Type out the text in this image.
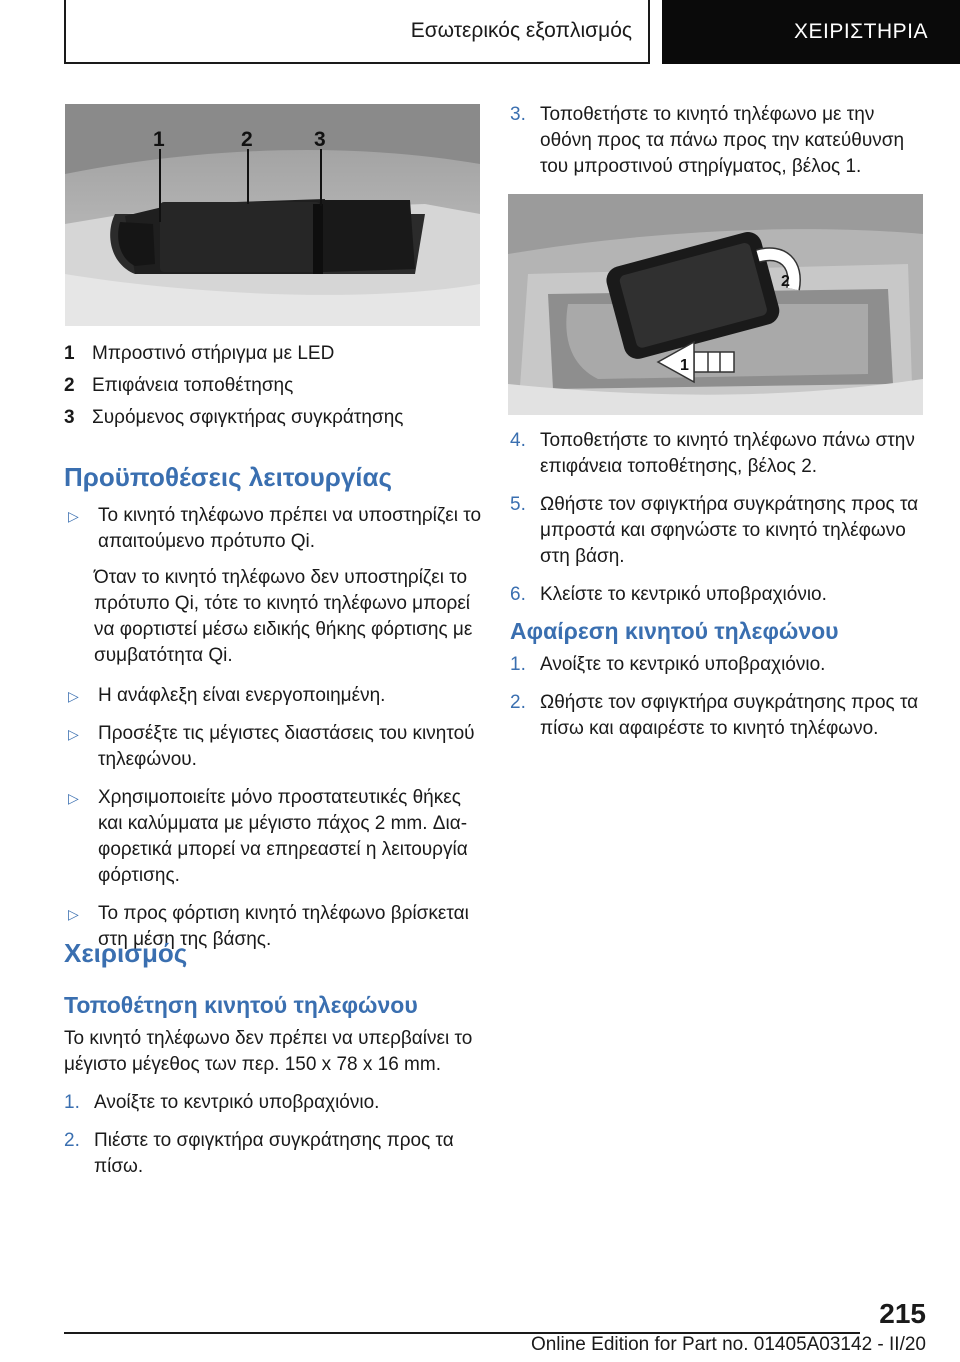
Εσωτερικός εξοπλισμός	ΧΕΙΡΙΣΤΗΡΙΑ
1	2	3
1 Μπροστινό στήριγμα με LED
2 Επιφάνεια τοποθέτησης
3 Συρόμενος σφιγκτήρας συγκράτησης
Προϋποθέσεις λειτουργίας
▷	Το κινητό τηλέφωνο πρέπει να υποστηρίζει το απαιτούμενο πρότυπο Qi.
Όταν το κινητό τηλέφωνο δεν υποστηρίζει το πρότυπο Qi, τότε το κινητό τηλέφωνο μπορεί να φορτιστεί μέσω ειδικής θήκης φόρτισης με συμβατότητα Qi.
▷	Η ανάφλεξη είναι ενεργοποιημένη.
▷	Προσέξτε τις μέγιστες διαστάσεις του κινητού τηλεφώνου.
▷	Χρησιμοποιείτε μόνο προστατευτικές θήκες και καλύμματα με μέγιστο πάχος 2 mm. Δια-φορετικά μπορεί να επηρεαστεί η λειτουργία φόρτισης.
▷	Το προς φόρτιση κινητό τηλέφωνο βρίσκεται στη μέση της βάσης.
Χειρισμός
Τοποθέτηση κινητού τηλεφώνου
Το κινητό τηλέφωνο δεν πρέπει να υπερβαίνει το μέγιστο μέγεθος των περ. 150 x 78 x 16 mm.
1. Ανοίξτε το κεντρικό υποβραχιόνιο.
2. Πιέστε το σφιγκτήρα συγκράτησης προς τα πίσω.
3. Τοποθετήστε το κινητό τηλέφωνο με την οθόνη προς τα πάνω προς την κατεύθυνση του μπροστινού στηρίγματος, βέλος 1.
1
2
4. Τοποθετήστε το κινητό τηλέφωνο πάνω στην επιφάνεια τοποθέτησης, βέλος 2.
5. Ωθήστε τον σφιγκτήρα συγκράτησης προς τα μπροστά και σφηνώστε το κινητό τηλέφωνο στη βάση.
6. Κλείστε το κεντρικό υποβραχιόνιο.
Αφαίρεση κινητού τηλεφώνου
1. Ανοίξτε το κεντρικό υποβραχιόνιο.
2. Ωθήστε τον σφιγκτήρα συγκράτησης προς τα πίσω και αφαιρέστε το κινητό τηλέφωνο.
215
Online Edition for Part no. 01405A03142 - II/20
